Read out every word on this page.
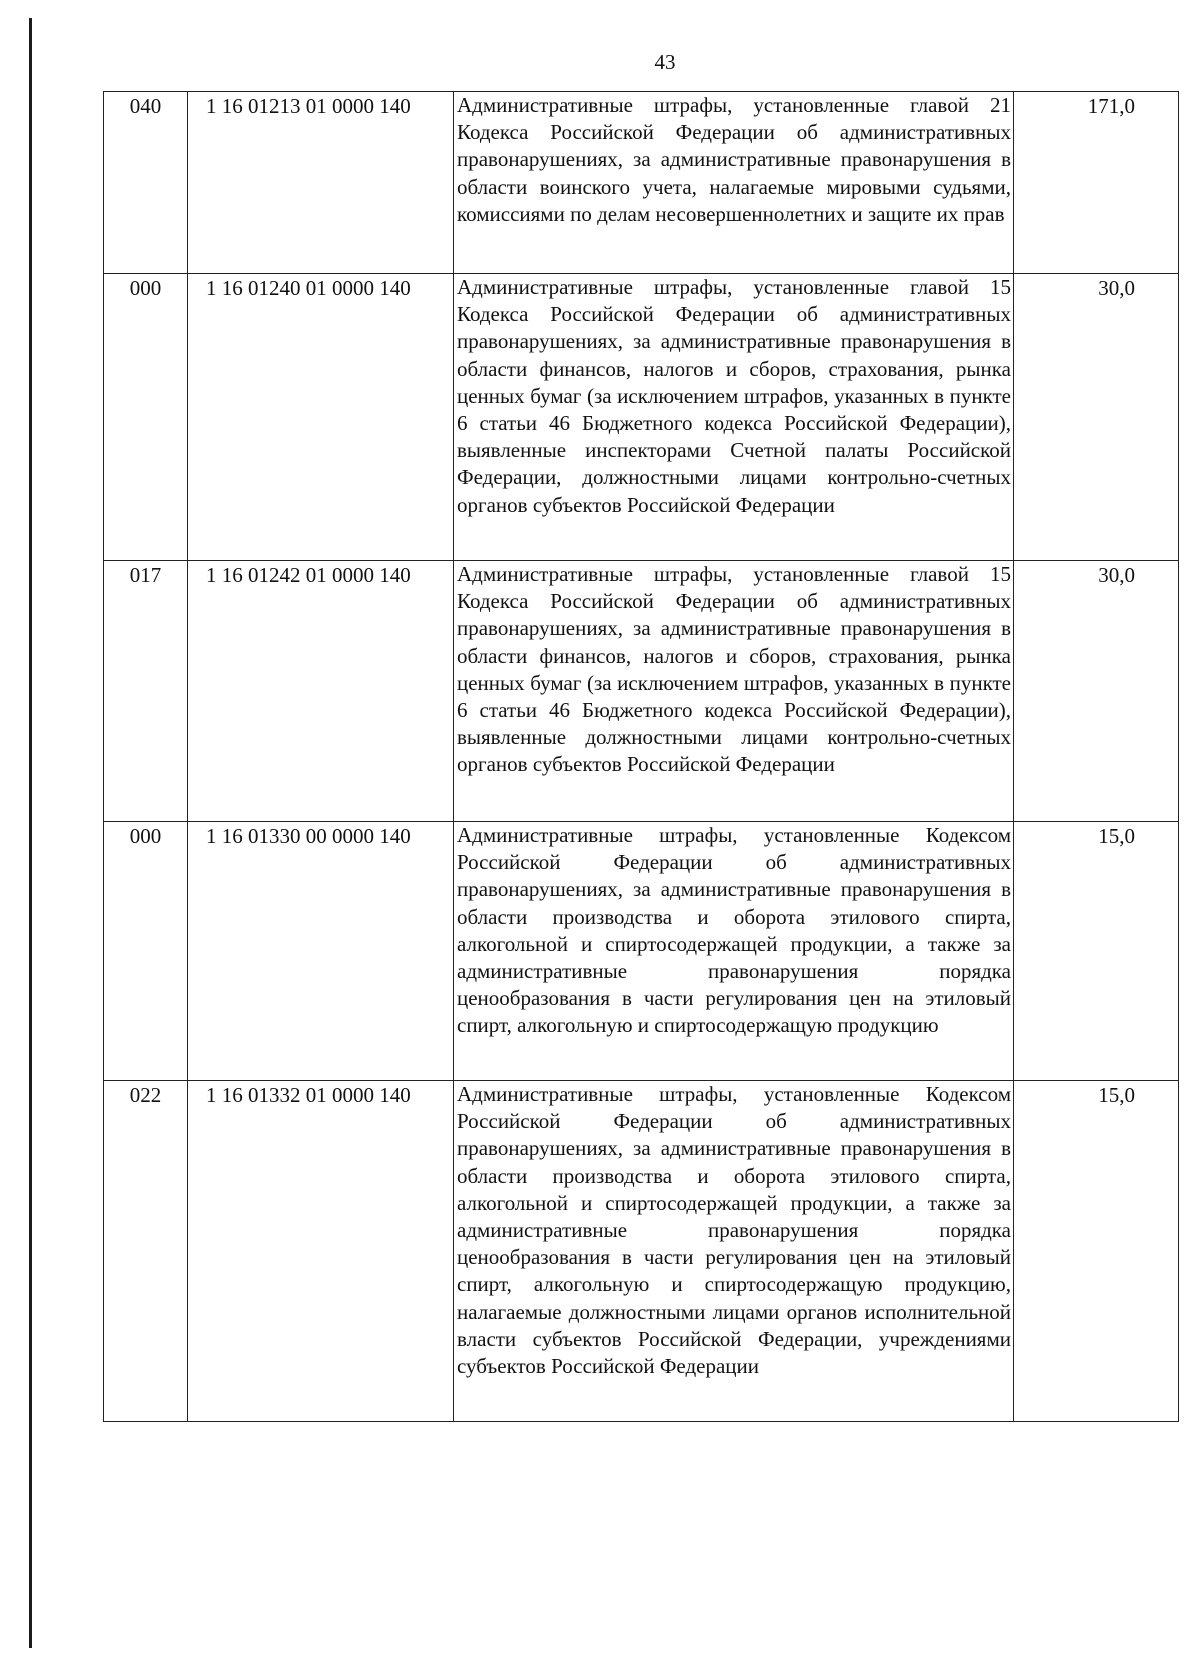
43
040	1 16 01213 01 0000 140	Административные штрафы, установленные главой 21 Кодекса Российской Федерации об административных правонарушениях, за административные правонарушения в области воинского учета, налагаемые мировыми судьями, комиссиями по делам несовершеннолетних и защите их прав	171,0
000	1 16 01240 01 0000 140	Административные штрафы, установленные главой 15 Кодекса Российской Федерации об административных правонарушениях, за административные правонарушения в области финансов, налогов и сборов, страхования, рынка ценных бумаг (за исключением штрафов, указанных в пункте 6 статьи 46 Бюджетного кодекса Российской Федерации), выявленные инспекторами Счетной палаты Российской Федерации, должностными лицами контрольно-счетных органов субъектов Российской Федерации	30,0
017	1 16 01242 01 0000 140	Административные штрафы, установленные главой 15 Кодекса Российской Федерации об административных правонарушениях, за административные правонарушения в области финансов, налогов и сборов, страхования, рынка ценных бумаг (за исключением штрафов, указанных в пункте 6 статьи 46 Бюджетного кодекса Российской Федерации), выявленные должностными лицами контрольно-счетных органов субъектов Российской Федерации	30,0
000	1 16 01330 00 0000 140	Административные штрафы, установленные Кодексом Российской Федерации об административных правонарушениях, за административные правонарушения в области производства и оборота этилового спирта, алкогольной и спиртосодержащей продукции, а также за административные правонарушения порядка ценообразования в части регулирования цен на этиловый спирт, алкогольную и спиртосодержащую продукцию	15,0
022	1 16 01332 01 0000 140	Административные штрафы, установленные Кодексом Российской Федерации об административных правонарушениях, за административные правонарушения в области производства и оборота этилового спирта, алкогольной и спиртосодержащей продукции, а также за административные правонарушения порядка ценообразования в части регулирования цен на этиловый спирт, алкогольную и спиртосодержащую продукцию, налагаемые должностными лицами органов исполнительной власти субъектов Российской Федерации, учреждениями субъектов Российской Федерации	15,0
